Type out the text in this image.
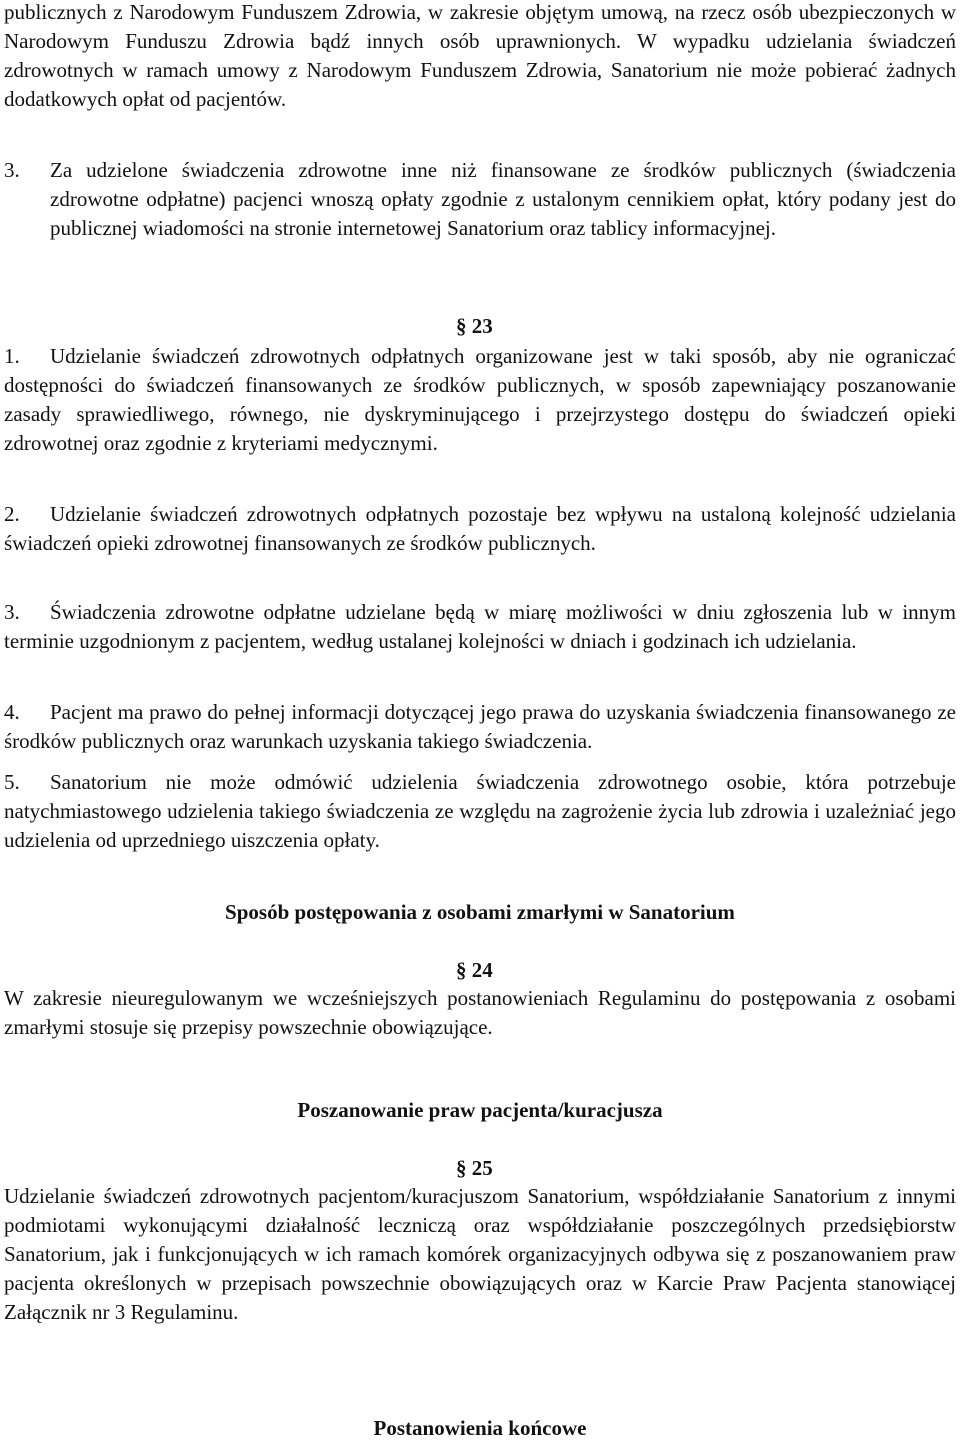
publicznych z Narodowym Funduszem Zdrowia, w zakresie objętym umową, na rzecz osób ubezpieczonych w Narodowym Funduszu Zdrowia bądź innych osób uprawnionych. W wypadku udzielania świadczeń zdrowotnych w ramach umowy z Narodowym Funduszem Zdrowia, Sanatorium nie może pobierać żadnych dodatkowych opłat od pacjentów.

3. Za udzielone świadczenia zdrowotne inne niż finansowane ze środków publicznych (świadczenia zdrowotne odpłatne) pacjenci wnoszą opłaty zgodnie z ustalonym cennikiem opłat, który podany jest do publicznej wiadomości na stronie internetowej Sanatorium oraz tablicy informacyjnej.

§ 23

1.	Udzielanie świadczeń zdrowotnych odpłatnych organizowane jest w taki sposób, aby nie ograniczać dostępności do świadczeń finansowanych ze środków publicznych, w sposób zapewniający poszanowanie zasady sprawiedliwego, równego, nie dyskryminującego i przejrzystego dostępu do świadczeń opieki zdrowotnej oraz zgodnie z kryteriami medycznymi.

2.	Udzielanie świadczeń zdrowotnych odpłatnych pozostaje bez wpływu na ustaloną kolejność udzielania świadczeń opieki zdrowotnej finansowanych ze środków publicznych.

3.	Świadczenia zdrowotne odpłatne udzielane będą w miarę możliwości w dniu zgłoszenia lub w innym terminie uzgodnionym z pacjentem, według ustalanej kolejności w dniach i godzinach ich udzielania.

4.	Pacjent ma prawo do pełnej informacji dotyczącej jego prawa do uzyskania świadczenia finansowanego ze środków publicznych oraz warunkach uzyskania takiego świadczenia.

5.	Sanatorium nie może odmówić udzielenia świadczenia zdrowotnego osobie, która potrzebuje natychmiastowego udzielenia takiego świadczenia ze względu na zagrożenie życia lub zdrowia i uzależniać jego udzielenia od uprzedniego uiszczenia opłaty.

Sposób postępowania z osobami zmarłymi w Sanatorium

§ 24

W zakresie nieuregulowanym we wcześniejszych postanowieniach Regulaminu do postępowania z osobami zmarłymi stosuje się przepisy powszechnie obowiązujące.

Poszanowanie praw pacjenta/kuracjusza

§ 25

Udzielanie świadczeń zdrowotnych pacjentom/kuracjuszom Sanatorium, współdziałanie Sanatorium z innymi podmiotami wykonującymi działalność leczniczą oraz współdziałanie poszczególnych przedsiębiorstw Sanatorium, jak i funkcjonujących w ich ramach komórek organizacyjnych odbywa się z poszanowaniem praw pacjenta określonych w przepisach powszechnie obowiązujących oraz w Karcie Praw Pacjenta stanowiącej Załącznik nr 3 Regulaminu.

Postanowienia końcowe
